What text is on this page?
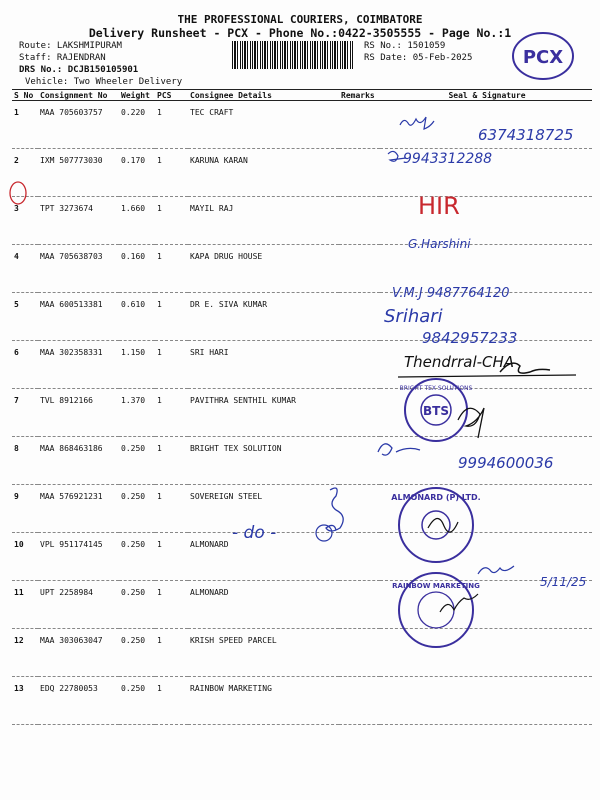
THE PROFESSIONAL COURIERS, COIMBATORE
Delivery Runsheet - PCX - Phone No.:0422-3505555 - Page No.:1
Route: LAKSHMIPURAM
Staff: RAJENDRAN
DRS No.: DCJB150105901
Vehicle: Two Wheeler Delivery
RS No.: 1501059
RS Date: 05-Feb-2025	PCX
S No	Consignment No	Weight	PCS	Consignee Details	Remarks	Seal & Signature
1	MAA 705603757	0.220	1	TEC CRAFT		
2	IXM 507773030	0.170	1	KARUNA KARAN		
3	TPT 3273674	1.660	1	MAYIL RAJ		
4	MAA 705638703	0.160	1	KAPA DRUG HOUSE		
5	MAA 600513381	0.610	1	DR E. SIVA KUMAR		
6	MAA 302358331	1.150	1	SRI HARI		
7	TVL 8912166	1.370	1	PAVITHRA SENTHIL KUMAR		
8	MAA 868463186	0.250	1	BRIGHT TEX SOLUTION		
9	MAA 576921231	0.250	1	SOVEREIGN STEEL		
10	VPL 951174145	0.250	1	ALMONARD		
11	UPT 2258984	0.250	1	ALMONARD		
12	MAA 303063047	0.250	1	KRISH SPEED PARCEL		
13	EDQ 22780053	0.250	1	RAINBOW MARKETING		
6374318725
9943312288
HIR
G.Harshini
V.M.J 9487764120
Srihari
9842957233
Thendrral-CHA
BTS
BRIGHT TEX SOLUTIONS
9994600036
- do -
ALMONARD (P) LTD.
5/11/25
RAINBOW MARKETING
